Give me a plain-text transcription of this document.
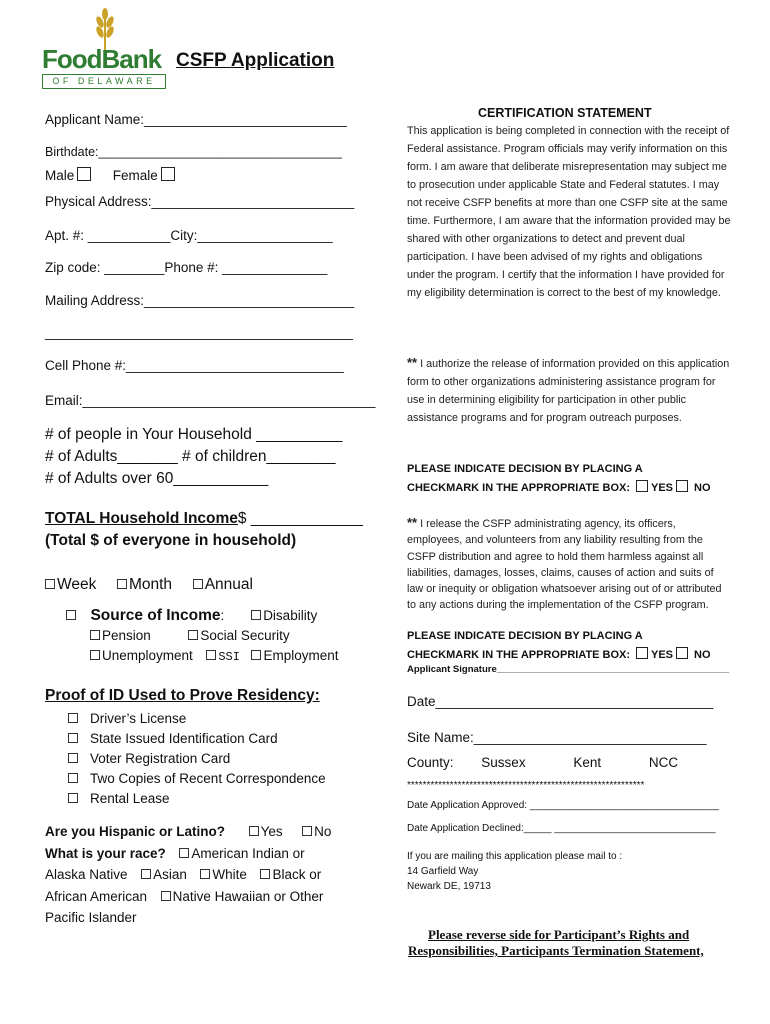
FoodBank
OF DELAWARE
CSFP Application
Applicant Name:___________________________
Birthdate:___________________________________
Male	Female
Physical Address:___________________________
Apt. #: ___________City:__________________
Zip code: ________Phone #: ______________
Mailing Address:____________________________
_________________________________________
Cell Phone #:_____________________________
Email:_______________________________________
# of people in Your Household __________
# of Adults_______ # of children________
# of Adults over 60___________
TOTAL Household Income$ _____________
(Total $ of everyone in household)
Week Month Annual
Source of Income:	Disability
Pension	Social Security
Unemployment SSI Employment
Proof of ID Used to Prove Residency:
Driver’s License
State Issued Identification Card
Voter Registration Card
Two Copies of Recent Correspondence
Rental Lease
Are you Hispanic or Latino?	Yes No
What is your race? American Indian or
Alaska Native Asian White Black or
African American Native Hawaiian or Other
Pacific Islander
CERTIFICATION STATEMENT
This application is being completed in connection with the receipt of Federal assistance. Program officials may verify information on this form. I am aware that deliberate misrepresentation may subject me to prosecution under applicable State and Federal statutes. I may not receive CSFP benefits at more than one CSFP site at the same time. Furthermore, I am aware that the information provided may be shared with other organizations to detect and prevent dual participation. I have been advised of my rights and obligations under the program. I certify that the information I have provided for my eligibility determination is correct to the best of my knowledge.
** I authorize the release of information provided on this application form to other organizations administering assistance program for use in determining eligibility for participation in other public assistance programs and for program outreach purposes.
PLEASE INDICATE DECISION BY PLACING A
CHECKMARK IN THE APPROPRIATE BOX: YES NO
** I release the CSFP administrating agency, its officers, employees, and volunteers from any liability resulting from the CSFP distribution and agree to hold them harmless against all liabilities, damages, losses, claims, causes of action and suits of law or inequity or obligation whatsoever arising out of or attributed to any actions during the implementation of the CSFP program.
PLEASE INDICATE DECISION BY PLACING A
CHECKMARK IN THE APPROPRIATE BOX: YES NO
Applicant Signature____________________________________________
Date_____________________________________
Site Name:_______________________________
County: Sussex	Kent	NCC
*************************************************************
Date Application Approved: __________________________________
Date Application Declined:_____ _____________________________
If you are mailing this application please mail to :
14 Garfield Way
Newark DE, 19713
Please reverse side for Participant’s Rights and
Responsibilities, Participants Termination Statement,
